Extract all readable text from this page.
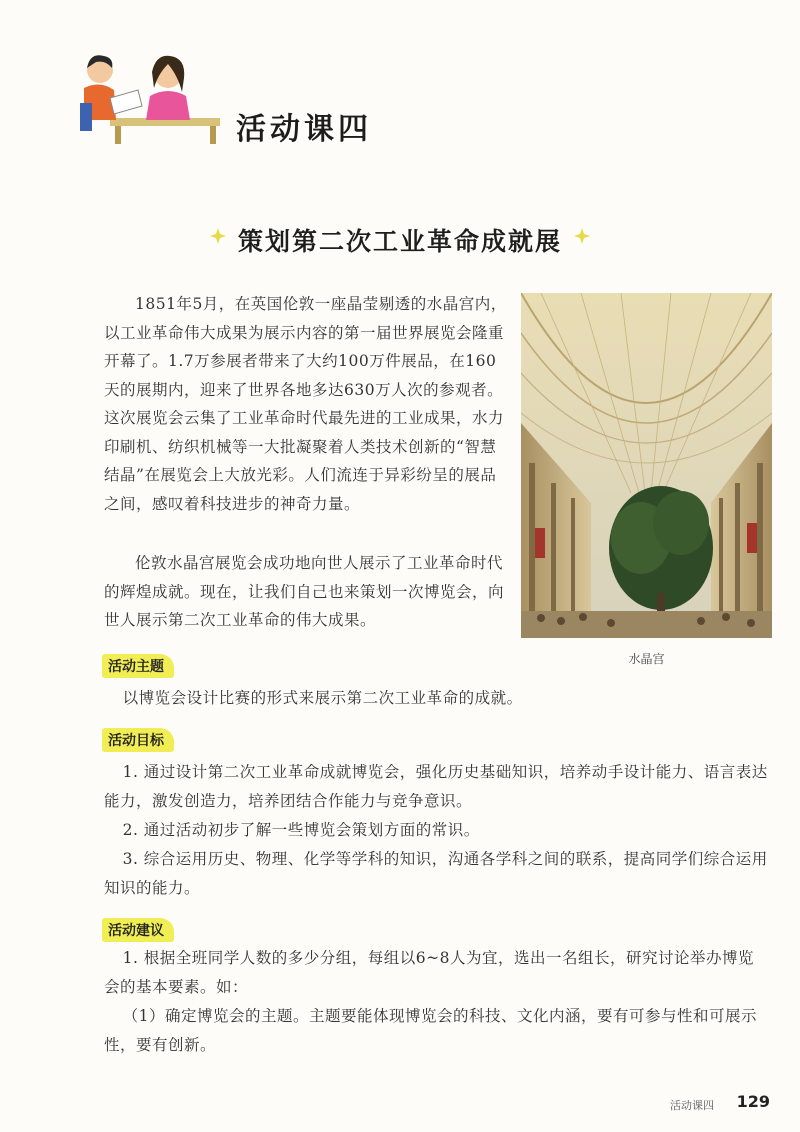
活动课四
策划第二次工业革命成就展
1851年5月，在英国伦敦一座晶莹剔透的水晶宫内，以工业革命伟大成果为展示内容的第一届世界展览会隆重开幕了。1.7万参展者带来了大约100万件展品，在160天的展期内，迎来了世界各地多达630万人次的参观者。这次展览会云集了工业革命时代最先进的工业成果，水力印刷机、纺织机械等一大批凝聚着人类技术创新的“智慧结晶”在展览会上大放光彩。人们流连于异彩纷呈的展品之间，感叹着科技进步的神奇力量。
伦敦水晶宫展览会成功地向世人展示了工业革命时代的辉煌成就。现在，让我们自己也来策划一次博览会，向世人展示第二次工业革命的伟大成果。
水晶宫
活动主题
以博览会设计比赛的形式来展示第二次工业革命的成就。
活动目标
1. 通过设计第二次工业革命成就博览会，强化历史基础知识，培养动手设计能力、语言表达能力，激发创造力，培养团结合作能力与竞争意识。
2. 通过活动初步了解一些博览会策划方面的常识。
3. 综合运用历史、物理、化学等学科的知识，沟通各学科之间的联系，提高同学们综合运用知识的能力。
活动建议
1. 根据全班同学人数的多少分组，每组以6~8人为宜，选出一名组长，研究讨论举办博览会的基本要素。如：
（1）确定博览会的主题。主题要能体现博览会的科技、文化内涵，要有可参与性和可展示性，要有创新。
活动课四 129
